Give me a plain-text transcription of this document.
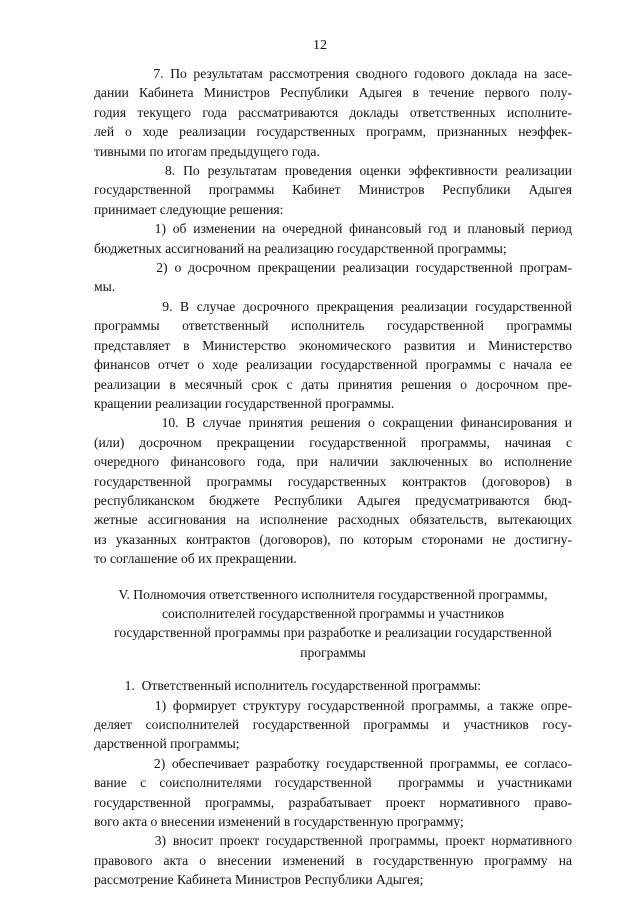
12
7. По результатам рассмотрения сводного годового доклада на засе-
дании Кабинета Министров Республики Адыгея в течение первого полу-
годия текущего года рассматриваются доклады ответственных исполните-
лей о ходе реализации государственных программ, признанных неэффек-
тивными по итогам предыдущего года.
8. По результатам проведения оценки эффективности реализации
государственной программы Кабинет Министров Республики Адыгея
принимает следующие решения:
1) об изменении на очередной финансовый год и плановый период
бюджетных ассигнований на реализацию государственной программы;
2) о досрочном прекращении реализации государственной програм-
мы.
9. В случае досрочного прекращения реализации государственной
программы ответственный исполнитель государственной программы
представляет в Министерство экономического развития и Министерство
финансов отчет о ходе реализации государственной программы с начала ее
реализации в месячный срок с даты принятия решения о досрочном пре-
кращении реализации государственной программы.
10. В случае принятия решения о сокращении финансирования и
(или) досрочном прекращении государственной программы, начиная с
очередного финансового года, при наличии заключенных во исполнение
государственной программы государственных контрактов (договоров) в
республиканском бюджете Республики Адыгея предусматриваются бюд-
жетные ассигнования на исполнение расходных обязательств, вытекающих
из указанных контрактов (договоров), по которым сторонами не достигну-
то соглашение об их прекращении.
V. Полномочия ответственного исполнителя государственной программы,
соисполнителей государственной программы и участников
государственной программы при разработке и реализации государственной
программы
1.  Ответственный исполнитель государственной программы:
1) формирует структуру государственной программы, а также опре-
деляет соисполнителей государственной программы и участников госу-
дарственной программы;
2) обеспечивает разработку государственной программы, ее согласо-
вание с соисполнителями государственной  программы и участниками
государственной программы, разрабатывает проект нормативного право-
вого акта о внесении изменений в государственную программу;
3) вносит проект государственной программы, проект нормативного
правового акта о внесении изменений в государственную программу на
рассмотрение Кабинета Министров Республики Адыгея;
